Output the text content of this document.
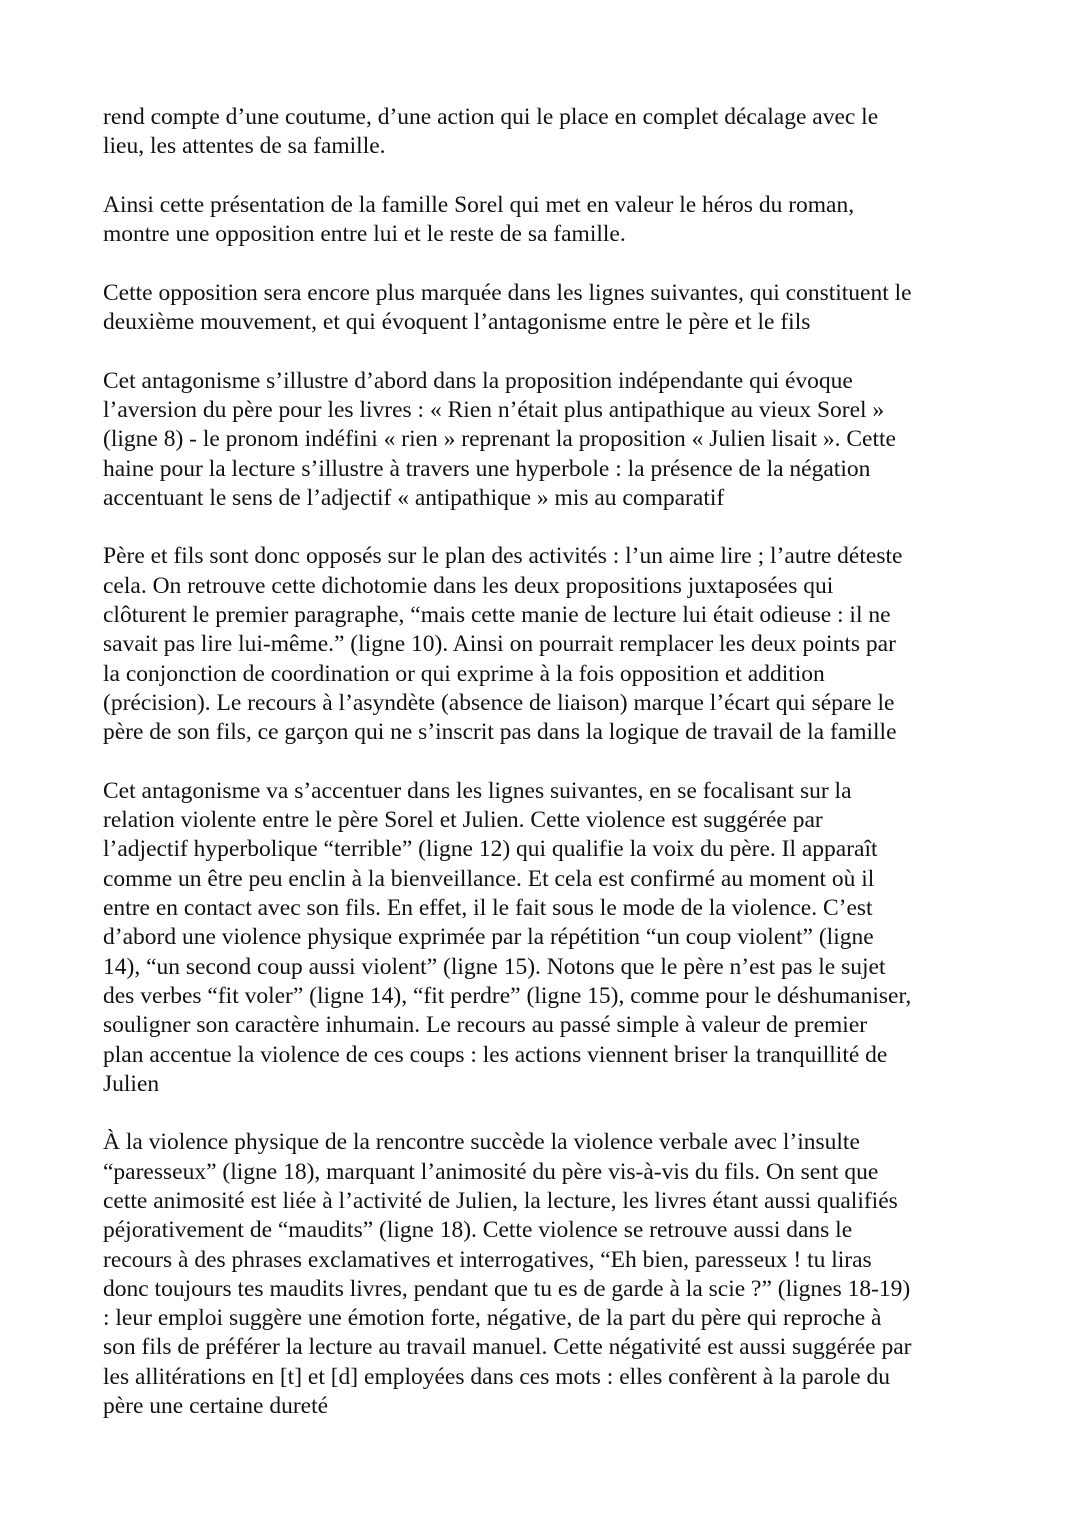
rend compte d’une coutume, d’une action qui le place en complet décalage avec le
lieu, les attentes de sa famille.

Ainsi cette présentation de la famille Sorel qui met en valeur le héros du roman,
montre une opposition entre lui et le reste de sa famille.

Cette opposition sera encore plus marquée dans les lignes suivantes, qui constituent le
deuxième mouvement, et qui évoquent l’antagonisme entre le père et le fils

Cet antagonisme s’illustre d’abord dans la proposition indépendante qui évoque
l’aversion du père pour les livres : « Rien n’était plus antipathique au vieux Sorel »
(ligne 8) - le pronom indéfini « rien » reprenant la proposition « Julien lisait ». Cette
haine pour la lecture s’illustre à travers une hyperbole : la présence de la négation
accentuant le sens de l’adjectif « antipathique » mis au comparatif

Père et fils sont donc opposés sur le plan des activités : l’un aime lire ; l’autre déteste
cela. On retrouve cette dichotomie dans les deux propositions juxtaposées qui
clôturent le premier paragraphe, “mais cette manie de lecture lui était odieuse : il ne
savait pas lire lui-même.” (ligne 10). Ainsi on pourrait remplacer les deux points par
la conjonction de coordination or qui exprime à la fois opposition et addition
(précision). Le recours à l’asyndète (absence de liaison) marque l’écart qui sépare le
père de son fils, ce garçon qui ne s’inscrit pas dans la logique de travail de la famille

Cet antagonisme va s’accentuer dans les lignes suivantes, en se focalisant sur la
relation violente entre le père Sorel et Julien. Cette violence est suggérée par
l’adjectif hyperbolique “terrible” (ligne 12) qui qualifie la voix du père. Il apparaît
comme un être peu enclin à la bienveillance. Et cela est confirmé au moment où il
entre en contact avec son fils. En effet, il le fait sous le mode de la violence. C’est
d’abord une violence physique exprimée par la répétition “un coup violent” (ligne
14), “un second coup aussi violent” (ligne 15). Notons que le père n’est pas le sujet
des verbes “fit voler” (ligne 14), “fit perdre” (ligne 15), comme pour le déshumaniser,
souligner son caractère inhumain. Le recours au passé simple à valeur de premier
plan accentue la violence de ces coups : les actions viennent briser la tranquillité de
Julien

À la violence physique de la rencontre succède la violence verbale avec l’insulte
“paresseux” (ligne 18), marquant l’animosité du père vis-à-vis du fils. On sent que
cette animosité est liée à l’activité de Julien, la lecture, les livres étant aussi qualifiés
péjorativement de “maudits” (ligne 18). Cette violence se retrouve aussi dans le
recours à des phrases exclamatives et interrogatives, “Eh bien, paresseux ! tu liras
donc toujours tes maudits livres, pendant que tu es de garde à la scie ?” (lignes 18-19)
: leur emploi suggère une émotion forte, négative, de la part du père qui reproche à
son fils de préférer la lecture au travail manuel. Cette négativité est aussi suggérée par
les allitérations en [t] et [d] employées dans ces mots : elles confèrent à la parole du
père une certaine dureté
